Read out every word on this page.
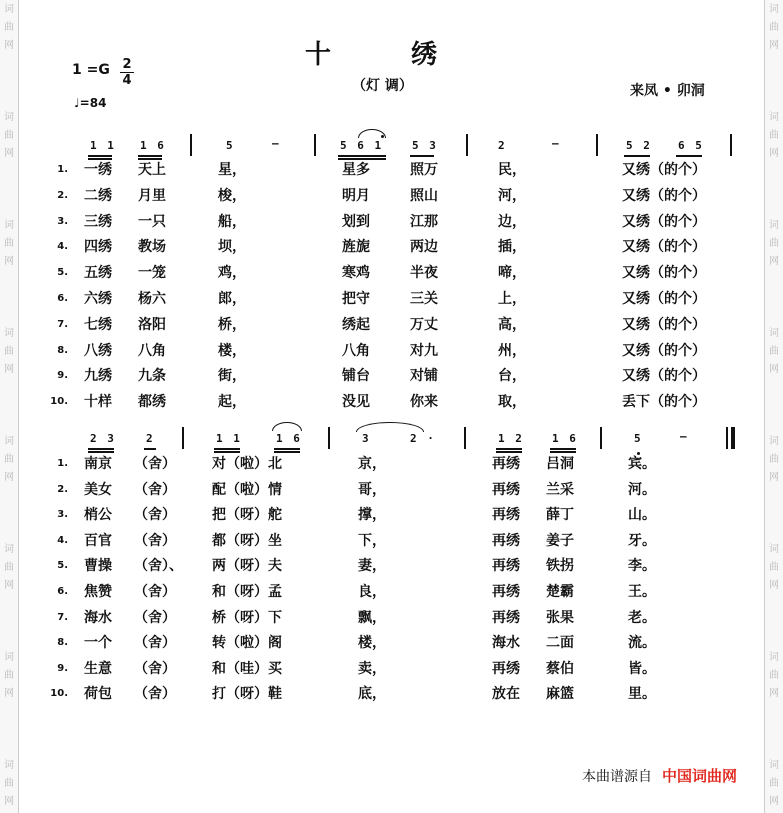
词
曲
网
词
曲
网
词
曲
网
词
曲
网
词
曲
网
词
曲
网
词
曲
网
词
曲
网
词
曲
网
词
曲
网
词
曲
网
词
曲
网
词
曲
网
词
曲
网
词
曲
网
词
曲
网
十	绣
（灯 调）
1 =G 2
4
♩=84
来凤 • 卯洞
1 1 1 6	5	—	5 6 1	5 3	2	—	5 2 6 5
1. 一绣 天上	星，	星多	照万	民，	又绣（的个）
2. 二绣 月里	梭，	明月	照山	河，	又绣（的个）
3. 三绣 一只	船，	划到	江那	边，	又绣（的个）
4. 四绣 教场	坝，	旌旎	两边	插，	又绣（的个）
5. 五绣 一笼	鸡，	寒鸡	半夜	啼，	又绣（的个）
6. 六绣 杨六	郎，	把守	三关	上，	又绣（的个）
7. 七绣 洛阳	桥，	绣起	万丈	高，	又绣（的个）
8. 八绣 八角	楼，	八角	对九	州，	又绣（的个）
9. 九绣 九条	街，	铺台	对铺	台，	又绣（的个）
10. 十样 都绣	起，	没见	你来	取，	丢下（的个）
2 3	2	1 1	1 6	3	2 ·	1 2	1 6	5	—
1. 南京 （舍）	对（啦）北	京，	再绣 吕洞	宾。
2. 美女 （舍）	配（啦）情	哥，	再绣 兰采	河。
3. 梢公 （舍）	把（呀）舵	撑，	再绣 薛丁	山。
4. 百官 （舍）	都（呀）坐	下，	再绣 姜子	牙。
5. 曹操 （舍）、 两（呀）夫	妻，	再绣 铁拐	李。
6. 焦赞 （舍）	和（呀）孟	良，	再绣 楚霸	王。
7. 海水 （舍）	桥（呀）下	飘，	再绣 张果	老。
8. 一个 （舍）	转（啦）阁	楼，	海水 二面	流。
9. 生意 （舍）	和（哇）买	卖，	再绣 蔡伯	皆。
10. 荷包 （舍）	打（呀）鞋	底，	放在 麻篮	里。
本曲谱源自 中国词曲网
